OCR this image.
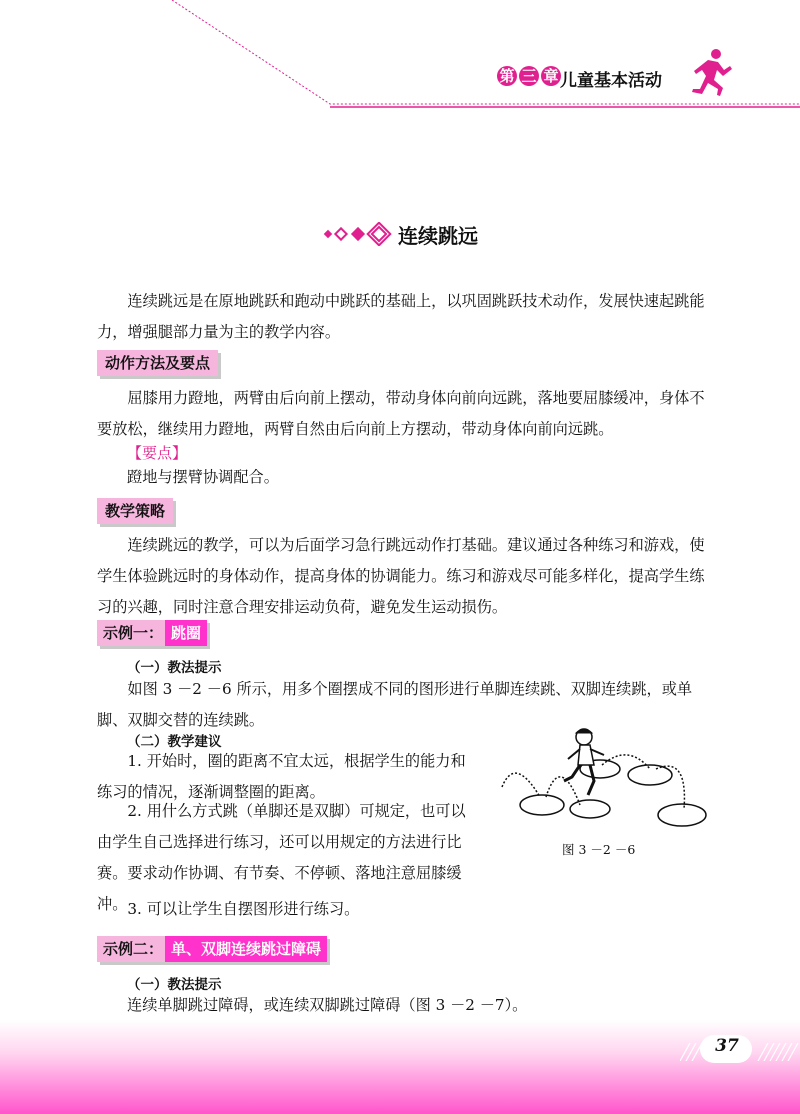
第 三 章 儿童基本活动
连续跳远

连续跳远是在原地跳跃和跑动中跳跃的基础上，以巩固跳跃技术动作，发展快速起跳能力，增强腿部力量为主的教学内容。

动作方法及要点

屈膝用力蹬地，两臂由后向前上摆动，带动身体向前向远跳，落地要屈膝缓冲，身体不要放松，继续用力蹬地，两臂自然由后向前上方摆动，带动身体向前向远跳。

【要点】

蹬地与摆臂协调配合。

教学策略

连续跳远的教学，可以为后面学习急行跳远动作打基础。建议通过各种练习和游戏，使学生体验跳远时的身体动作，提高身体的协调能力。练习和游戏尽可能多样化，提高学生练习的兴趣，同时注意合理安排运动负荷，避免发生运动损伤。

示例一： 跳圈
（一）教法提示

如图 3 －2 －6 所示，用多个圈摆成不同的图形进行单脚连续跳、双脚连续跳，或单脚、双脚交替的连续跳。

（二）教学建议

1. 开始时，圈的距离不宜太远，根据学生的能力和练习的情况，逐渐调整圈的距离。

2. 用什么方式跳（单脚还是双脚）可规定，也可以由学生自己选择进行练习，还可以用规定的方法进行比赛。要求动作协调、有节奏、不停顿、落地注意屈膝缓冲。 3. 可以让学生自摆图形进行练习。

图 3 －2 －6
示例二： 单、双脚连续跳过障碍
（一）教法提示

连续单脚跳过障碍，或连续双脚跳过障碍（图 3 －2 －7）。

37
